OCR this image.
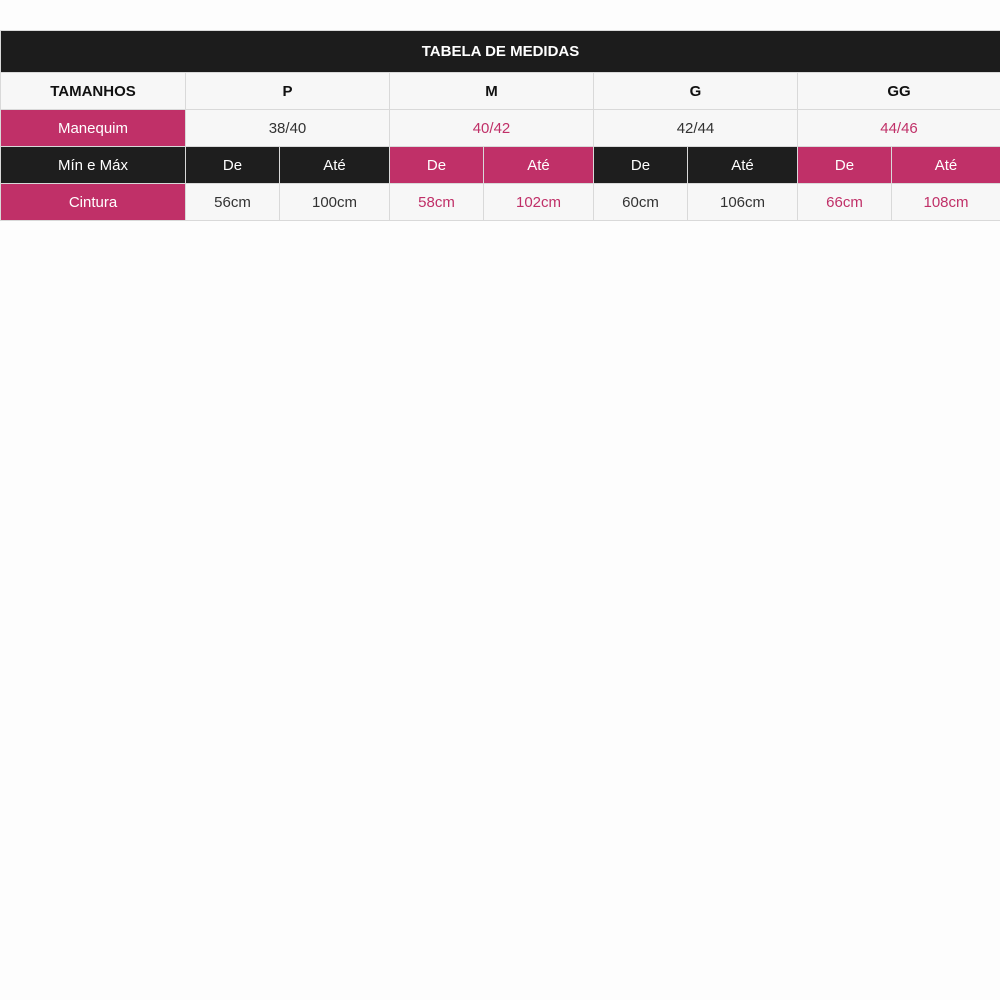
TABELA DE MEDIDAS								
TAMANHOS	P		M		G		GG	
Manequim	38/40		40/42		42/44		44/46	
Mín e Máx	De	Até	De	Até	De	Até	De	Até
Cintura	56cm	100cm	58cm	102cm	60cm	106cm	66cm	108cm
